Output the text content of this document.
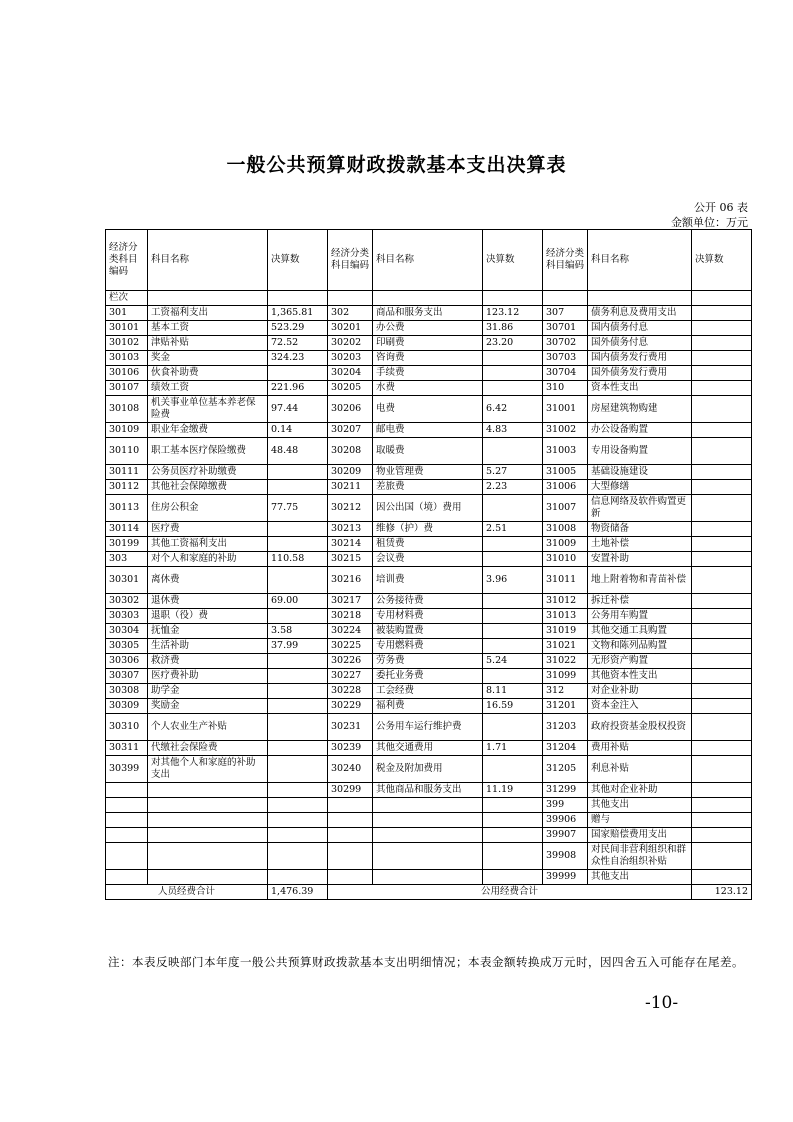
一般公共预算财政拨款基本支出决算表
公开 06 表
金额单位：万元
经济分类科目编码	科目名称	决算数	经济分类科目编码	科目名称	决算数	经济分类科目编码	科目名称	决算数
栏次								
301	工资福利支出	1,365.81	302	商品和服务支出	123.12	307	债务利息及费用支出	
30101	基本工资	523.29	30201	办公费	31.86	30701	国内债务付息	
30102	津贴补贴	72.52	30202	印刷费	23.20	30702	国外债务付息	
30103	奖金	324.23	30203	咨询费		30703	国内债务发行费用	
30106	伙食补助费		30204	手续费		30704	国外债务发行费用	
30107	绩效工资	221.96	30205	水费		310	资本性支出	
30108	机关事业单位基本养老保险费	97.44	30206	电费	6.42	31001	房屋建筑物购建	
30109	职业年金缴费	0.14	30207	邮电费	4.83	31002	办公设备购置	
30110	职工基本医疗保险缴费	48.48	30208	取暖费		31003	专用设备购置	
30111	公务员医疗补助缴费		30209	物业管理费	5.27	31005	基础设施建设	
30112	其他社会保障缴费		30211	差旅费	2.23	31006	大型修缮	
30113	住房公积金	77.75	30212	因公出国（境）费用		31007	信息网络及软件购置更新	
30114	医疗费		30213	维修（护）费	2.51	31008	物资储备	
30199	其他工资福利支出		30214	租赁费		31009	土地补偿	
303	对个人和家庭的补助	110.58	30215	会议费		31010	安置补助	
30301	离休费		30216	培训费	3.96	31011	地上附着物和青苗补偿	
30302	退休费	69.00	30217	公务接待费		31012	拆迁补偿	
30303	退职（役）费		30218	专用材料费		31013	公务用车购置	
30304	抚恤金	3.58	30224	被装购置费		31019	其他交通工具购置	
30305	生活补助	37.99	30225	专用燃料费		31021	文物和陈列品购置	
30306	救济费		30226	劳务费	5.24	31022	无形资产购置	
30307	医疗费补助		30227	委托业务费		31099	其他资本性支出	
30308	助学金		30228	工会经费	8.11	312	对企业补助	
30309	奖励金		30229	福利费	16.59	31201	资本金注入	
30310	个人农业生产补贴		30231	公务用车运行维护费		31203	政府投资基金股权投资	
30311	代缴社会保险费		30239	其他交通费用	1.71	31204	费用补贴	
30399	对其他个人和家庭的补助支出		30240	税金及附加费用		31205	利息补贴	
			30299	其他商品和服务支出	11.19	31299	其他对企业补助	
						399	其他支出	
						39906	赠与	
						39907	国家赔偿费用支出	
						39908	对民间非营利组织和群众性自治组织补贴	
						39999	其他支出	
人员经费合计		1,476.39	公用经费合计					123.12
注：本表反映部门本年度一般公共预算财政拨款基本支出明细情况；本表金额转换成万元时，因四舍五入可能存在尾差。
-10-
